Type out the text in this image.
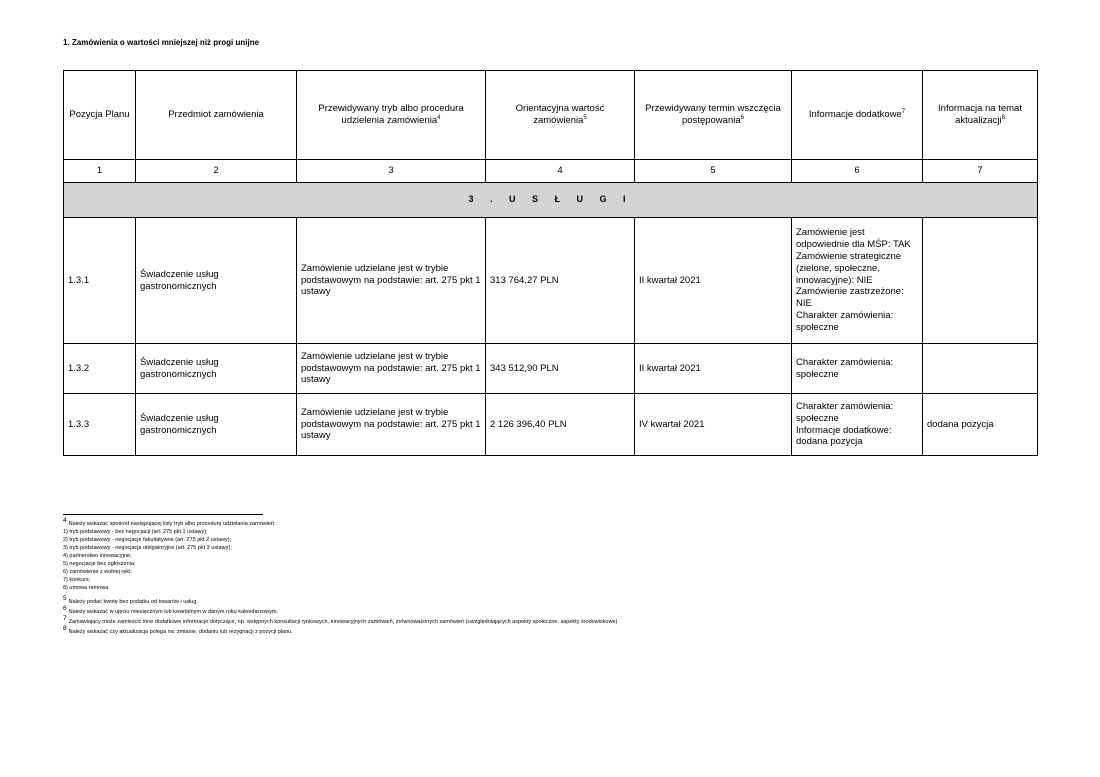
1. Zamówienia o wartości mniejszej niż progi unijne
Pozycja Planu	Przedmiot zamówienia	Przewidywany tryb albo procedura udzielenia zamówienia$^4$	Orientacyjna wartość zamówienia$^5$	Przewidywany termin wszczęcia postępowania$^6$	Informacje dodatkowe$^7$	Informacja na temat aktualizacji$^8$
1	2	3	4	5	6	7
3 . U S Ł U G I						
1.3.1	Świadczenie usług gastronomicznych	Zamówienie udzielane jest w trybie podstawowym na podstawie: art. 275 pkt 1 ustawy	313 764,27 PLN	II kwartał 2021	Zamówienie jest odpowiednie dla MŚP: TAK
Zamówienie strategiczne (zielone, społeczne, innowacyjne): NIE
Zamówienie zastrzeżone: NIE
Charakter zamówienia: społeczne	

1.3.2	Świadczenie usług gastronomicznych	Zamówienie udzielane jest w trybie podstawowym na podstawie: art. 275 pkt 1 ustawy	343 512,90 PLN	II kwartał 2021	Charakter zamówienia: społeczne	

1.3.3	Świadczenie usług gastronomicznych	Zamówienie udzielane jest w trybie podstawowym na podstawie: art. 275 pkt 1 ustawy	2 126 396,40 PLN	IV kwartał 2021	Charakter zamówienia: społeczne
Informacje dodatkowe: dodana pozycja	dodana pozycja
4 Należy wskazać spośród następującej listy tryb albo procedurę udzielania zamówień:
1) tryb podstawowy - bez negocjacji (art. 275 pkt 1 ustawy);
2) tryb podstawowy - negocjacje fakultatywne (art. 275 pkt 2 ustawy);
3) tryb podstawowy - negocjacje obligatoryjne (art. 275 pkt 3 ustawy);
4) partnerstwo innowacyjne;
5) negocjacje bez ogłoszenia;
6) zamówienie z wolnej ręki;
7) konkurs;
8) umowa ramowa.
5 Należy podać kwotę bez podatku od towarów i usług.
6 Należy wskazać w ujęciu miesięcznym lub kwartalnym w danym roku kalendarzowym.
7 Zamawiający może zamieścić inne dodatkowe informacje dotyczące, np. wstępnych konsultacji rynkowych, innowacyjnych zamówień, zrównoważonych zamówień (uwzględniających aspekty społeczne, aspekty środowiskowe).
8 Należy wskazać czy aktualizacja polega na: zmianie, dodaniu lub rezygnacji z pozycji planu.
